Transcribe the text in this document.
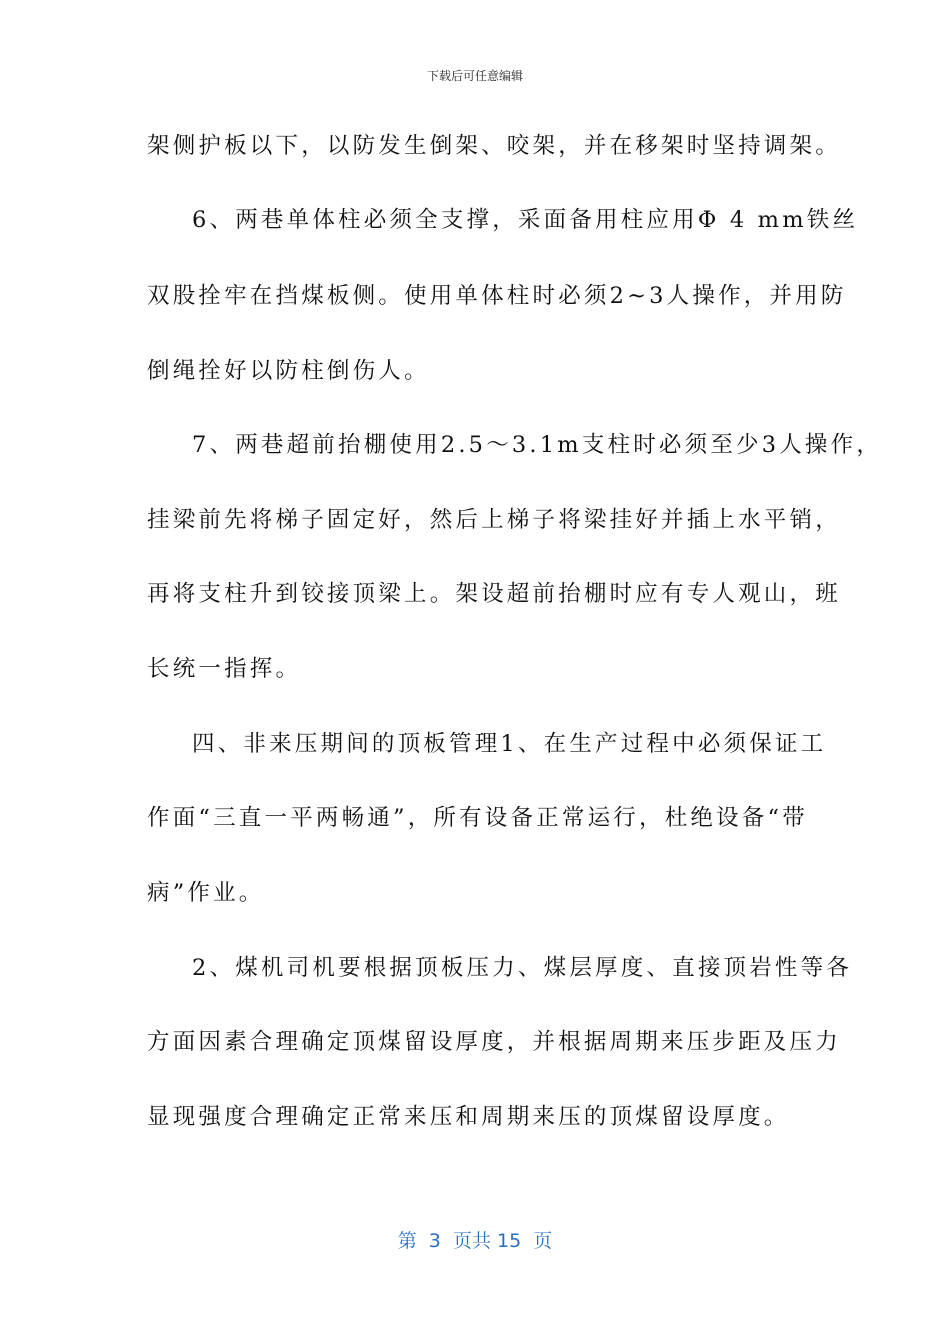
下载后可任意编辑
架侧护板以下，以防发生倒架、咬架，并在移架时坚持调架。
6、两巷单体柱必须全支撑，采面备用柱应用Φ 4 mm铁丝
双股拴牢在挡煤板侧。使用单体柱时必须2~3人操作，并用防
倒绳拴好以防柱倒伤人。
7、两巷超前抬棚使用2.5～3.1m支柱时必须至少3人操作，
挂梁前先将梯子固定好，然后上梯子将梁挂好并插上水平销，
再将支柱升到铰接顶梁上。架设超前抬棚时应有专人观山，班
长统一指挥。
四、非来压期间的顶板管理1、在生产过程中必须保证工
作面“三直一平两畅通”，所有设备正常运行，杜绝设备“带
病”作业。
2、煤机司机要根据顶板压力、煤层厚度、直接顶岩性等各
方面因素合理确定顶煤留设厚度，并根据周期来压步距及压力
显现强度合理确定正常来压和周期来压的顶煤留设厚度。
第  3  页共 15  页
